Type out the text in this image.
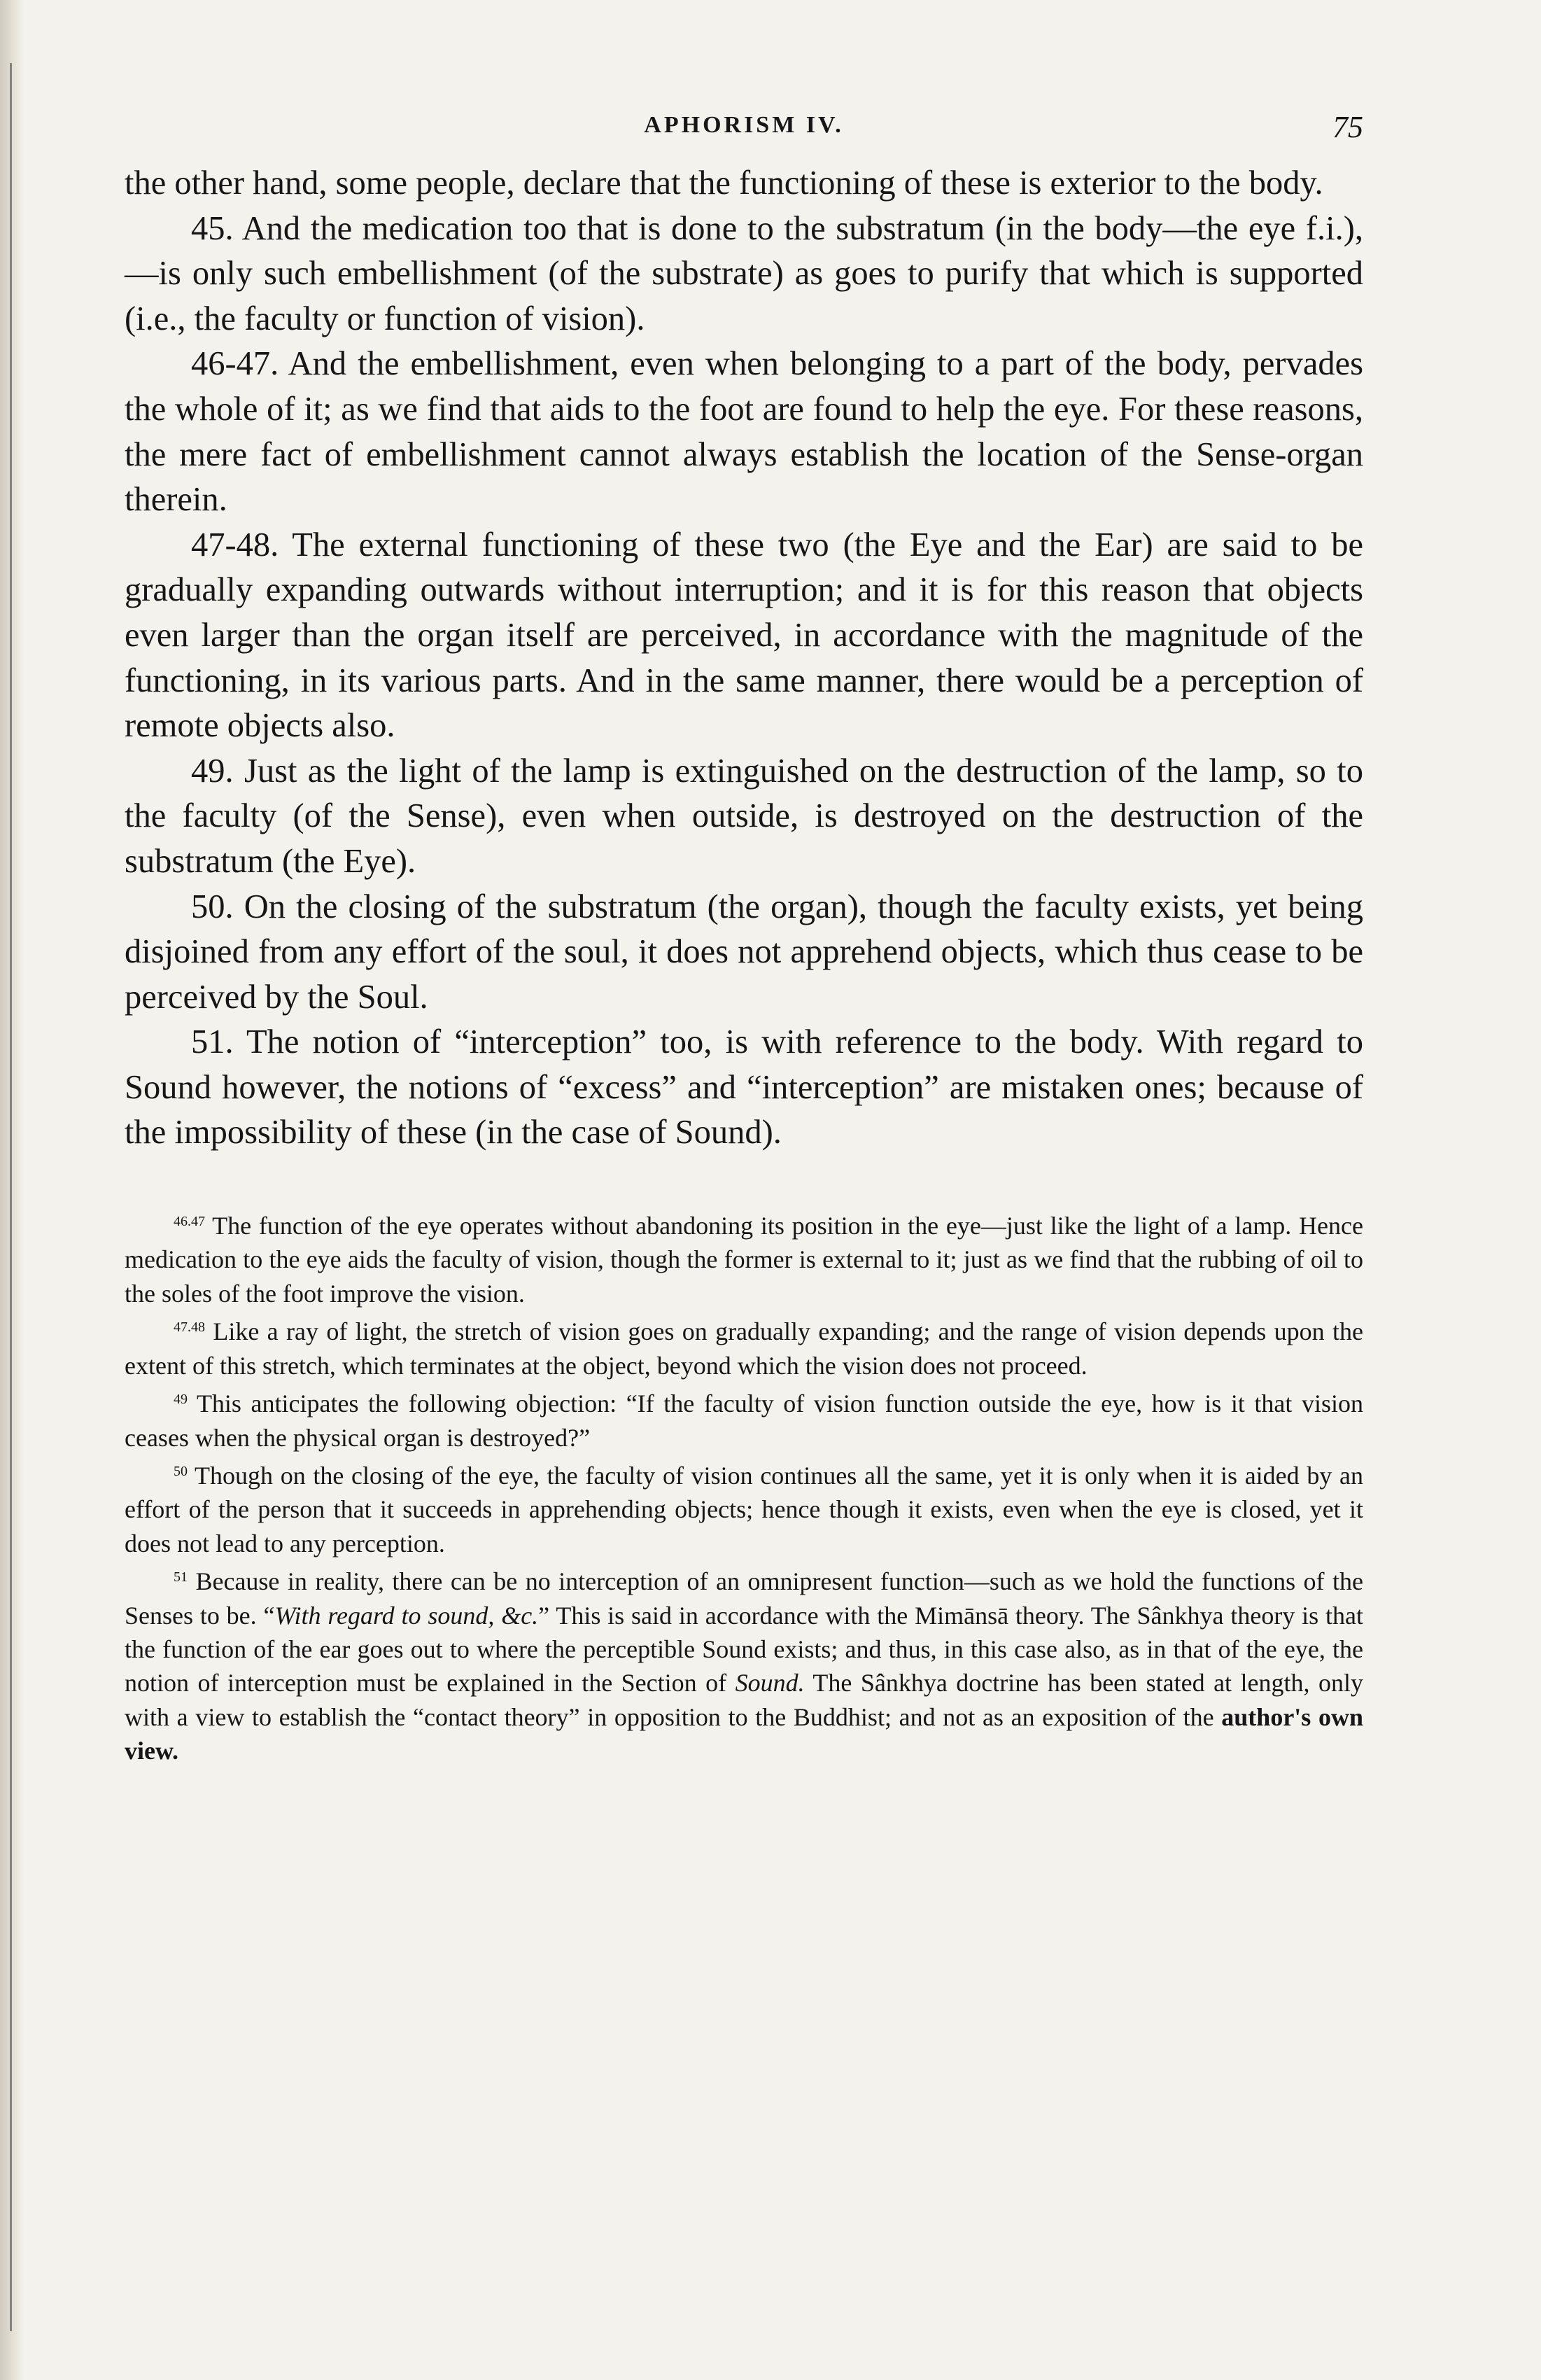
APHORISM IV.	75

the other hand, some people, declare that the functioning of these is exterior to the body.

45. And the medication too that is done to the substratum (in the body—the eye f.i.),—is only such embellishment (of the substrate) as goes to purify that which is supported (i.e., the faculty or function of vision).

46-47. And the embellishment, even when belonging to a part of the body, pervades the whole of it; as we find that aids to the foot are found to help the eye. For these reasons, the mere fact of embellishment cannot always establish the location of the Sense-organ therein.

47-48. The external functioning of these two (the Eye and the Ear) are said to be gradually expanding outwards without interruption; and it is for this reason that objects even larger than the organ itself are perceived, in accordance with the magnitude of the functioning, in its various parts. And in the same manner, there would be a perception of remote objects also.

49. Just as the light of the lamp is extinguished on the destruction of the lamp, so to the faculty (of the Sense), even when outside, is destroyed on the destruction of the substratum (the Eye).

50. On the closing of the substratum (the organ), though the faculty exists, yet being disjoined from any effort of the soul, it does not apprehend objects, which thus cease to be perceived by the Soul.

51. The notion of “interception” too, is with reference to the body. With regard to Sound however, the notions of “excess” and “interception” are mistaken ones; because of the impossibility of these (in the case of Sound).

$^{46.47}$ The function of the eye operates without abandoning its position in the eye—just like the light of a lamp. Hence medication to the eye aids the faculty of vision, though the former is external to it; just as we find that the rubbing of oil to the soles of the foot improve the vision.

$^{47.48}$ Like a ray of light, the stretch of vision goes on gradually expanding; and the range of vision depends upon the extent of this stretch, which terminates at the object, beyond which the vision does not proceed.

$^{49}$ This anticipates the following objection: “If the faculty of vision function outside the eye, how is it that vision ceases when the physical organ is destroyed?”

$^{50}$ Though on the closing of the eye, the faculty of vision continues all the same, yet it is only when it is aided by an effort of the person that it succeeds in apprehending objects; hence though it exists, even when the eye is closed, yet it does not lead to any perception.

$^{51}$ Because in reality, there can be no interception of an omnipresent function—such as we hold the functions of the Senses to be. “With regard to sound, &c.” This is said in accordance with the Mimānsā theory. The Sânkhya theory is that the function of the ear goes out to where the perceptible Sound exists; and thus, in this case also, as in that of the eye, the notion of interception must be explained in the Section of Sound. The Sânkhya doctrine has been stated at length, only with a view to establish the “contact theory” in opposition to the Buddhist; and not as an exposition of the author's own view.
